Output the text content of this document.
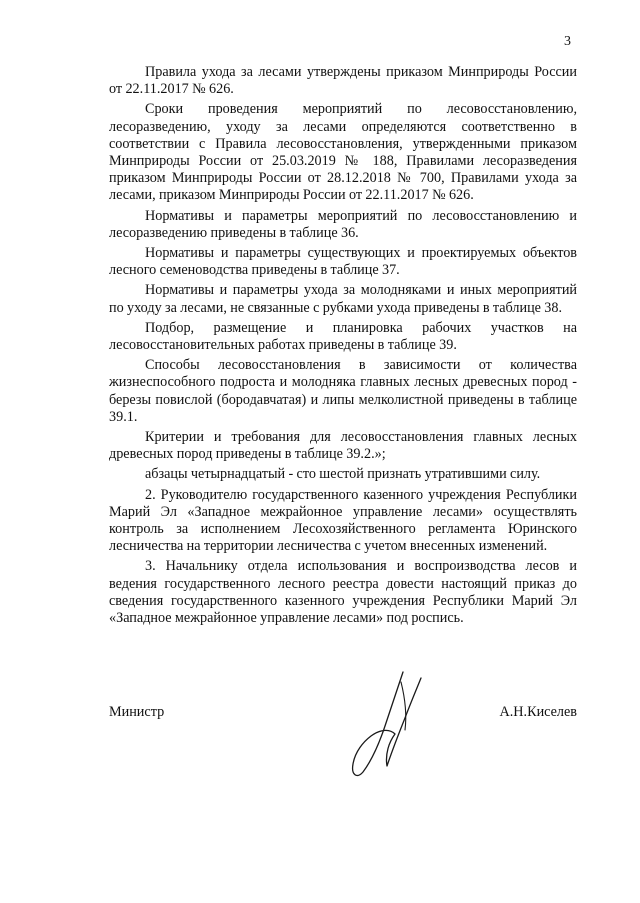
3

Правила ухода за лесами утверждены приказом Минприроды России от 22.11.2017 № 626.

Сроки проведения мероприятий по лесовосстановлению, лесоразведению, уходу за лесами определяются соответственно в соответствии с Правила лесовосстановления, утвержденными приказом Минприроды России от 25.03.2019 № 188, Правилами лесоразведения приказом Минприроды России от 28.12.2018 № 700, Правилами ухода за лесами, приказом Минприроды России от 22.11.2017 № 626.

Нормативы и параметры мероприятий по лесовосстановлению и лесоразведению приведены в таблице 36.

Нормативы и параметры существующих и проектируемых объектов лесного семеноводства приведены в таблице 37.

Нормативы и параметры ухода за молодняками и иных мероприятий по уходу за лесами, не связанные с рубками ухода приведены в таблице 38.

Подбор, размещение и планировка рабочих участков на лесовосстановительных работах приведены в таблице 39.

Способы лесовосстановления в зависимости от количества жизнеспособного подроста и молодняка главных лесных древесных пород - березы повислой (бородавчатая) и липы мелколистной приведены в таблице 39.1.

Критерии и требования для лесовосстановления главных лесных древесных пород приведены в таблице 39.2.»;

абзацы четырнадцатый - сто шестой признать утратившими силу.

2. Руководителю государственного казенного учреждения Республики Марий Эл «Западное межрайонное управление лесами» осуществлять контроль за исполнением Лесохозяйственного регламента Юринского лесничества на территории лесничества с учетом внесенных изменений.

3. Начальнику отдела использования и воспроизводства лесов и ведения государственного лесного реестра довести настоящий приказ до сведения государственного казенного учреждения Республики Марий Эл «Западное межрайонное управление лесами» под роспись.

Министр	А.Н.Киселев
